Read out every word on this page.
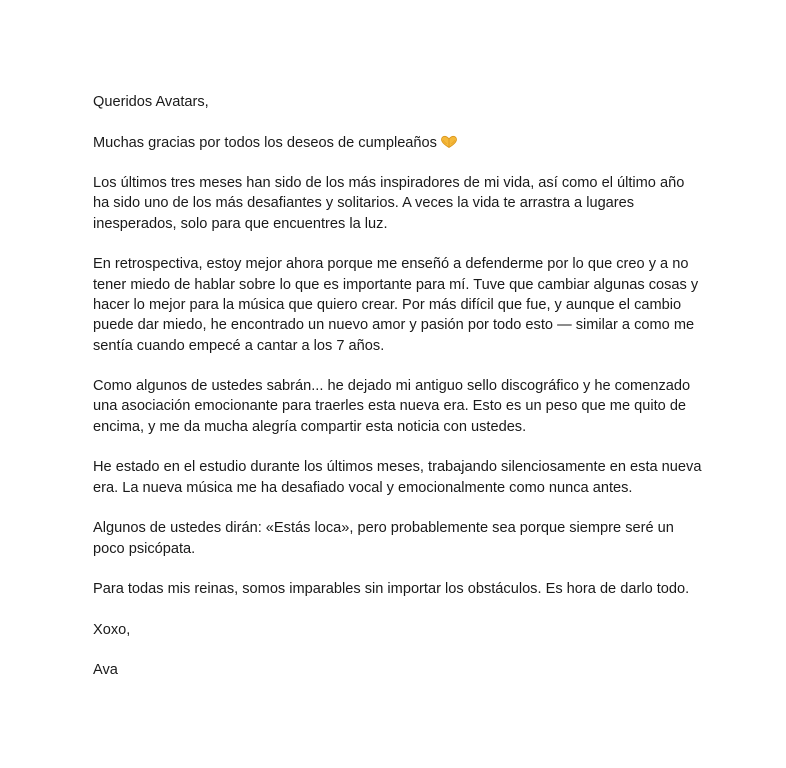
Queridos Avatars,

Muchas gracias por todos los deseos de cumpleaños

Los últimos tres meses han sido de los más inspiradores de mi vida, así como el último año ha sido uno de los más desafiantes y solitarios. A veces la vida te arrastra a lugares inesperados, solo para que encuentres la luz.

En retrospectiva, estoy mejor ahora porque me enseñó a defenderme por lo que creo y a no tener miedo de hablar sobre lo que es importante para mí. Tuve que cambiar algunas cosas y hacer lo mejor para la música que quiero crear. Por más difícil que fue, y aunque el cambio puede dar miedo, he encontrado un nuevo amor y pasión por todo esto — similar a como me sentía cuando empecé a cantar a los 7 años.

Como algunos de ustedes sabrán... he dejado mi antiguo sello discográfico y he comenzado una asociación emocionante para traerles esta nueva era. Esto es un peso que me quito de encima, y me da mucha alegría compartir esta noticia con ustedes.

He estado en el estudio durante los últimos meses, trabajando silenciosamente en esta nueva era. La nueva música me ha desafiado vocal y emocionalmente como nunca antes.

Algunos de ustedes dirán: «Estás loca», pero probablemente sea porque siempre seré un poco psicópata.

Para todas mis reinas, somos imparables sin importar los obstáculos. Es hora de darlo todo.

Xoxo,

Ava
